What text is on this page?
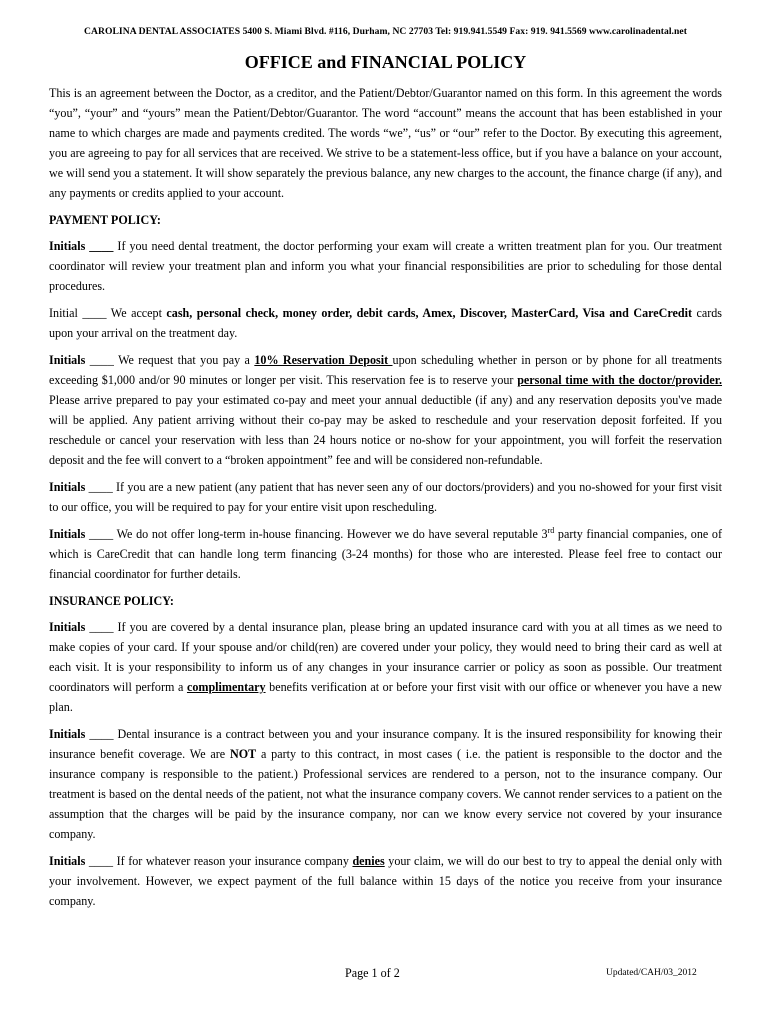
CAROLINA DENTAL ASSOCIATES 5400 S. Miami Blvd. #116, Durham, NC 27703 Tel: 919.941.5549 Fax: 919. 941.5569 www.carolinadental.net
OFFICE and FINANCIAL POLICY

This is an agreement between the Doctor, as a creditor, and the Patient/Debtor/Guarantor named on this form. In this agreement the words “you”, “your” and “yours” mean the Patient/Debtor/Guarantor. The word “account” means the account that has been established in your name to which charges are made and payments credited. The words “we”, “us” or “our” refer to the Doctor. By executing this agreement, you are agreeing to pay for all services that are received. We strive to be a statement-less office, but if you have a balance on your account, we will send you a statement. It will show separately the previous balance, any new charges to the account, the finance charge (if any), and any payments or credits applied to your account.

PAYMENT POLICY:

Initials ____ If you need dental treatment, the doctor performing your exam will create a written treatment plan for you. Our treatment coordinator will review your treatment plan and inform you what your financial responsibilities are prior to scheduling for those dental procedures.

Initial ____ We accept cash, personal check, money order, debit cards, Amex, Discover, MasterCard, Visa and CareCredit cards upon your arrival on the treatment day.

Initials ____ We request that you pay a 10% Reservation Deposit upon scheduling whether in person or by phone for all treatments exceeding $1,000 and/or 90 minutes or longer per visit. This reservation fee is to reserve your personal time with the doctor/provider. Please arrive prepared to pay your estimated co-pay and meet your annual deductible (if any) and any reservation deposits you've made will be applied. Any patient arriving without their co-pay may be asked to reschedule and your reservation deposit forfeited. If you reschedule or cancel your reservation with less than 24 hours notice or no-show for your appointment, you will forfeit the reservation deposit and the fee will convert to a “broken appointment” fee and will be considered non-refundable.

Initials ____ If you are a new patient (any patient that has never seen any of our doctors/providers) and you no-showed for your first visit to our office, you will be required to pay for your entire visit upon rescheduling.

Initials ____ We do not offer long-term in-house financing. However we do have several reputable 3rd party financial companies, one of which is CareCredit that can handle long term financing (3-24 months) for those who are interested. Please feel free to contact our financial coordinator for further details.

INSURANCE POLICY:

Initials ____ If you are covered by a dental insurance plan, please bring an updated insurance card with you at all times as we need to make copies of your card. If your spouse and/or child(ren) are covered under your policy, they would need to bring their card as well at each visit. It is your responsibility to inform us of any changes in your insurance carrier or policy as soon as possible. Our treatment coordinators will perform a complimentary benefits verification at or before your first visit with our office or whenever you have a new plan.

Initials ____ Dental insurance is a contract between you and your insurance company. It is the insured responsibility for knowing their insurance benefit coverage. We are NOT a party to this contract, in most cases ( i.e. the patient is responsible to the doctor and the insurance company is responsible to the patient.) Professional services are rendered to a person, not to the insurance company. Our treatment is based on the dental needs of the patient, not what the insurance company covers. We cannot render services to a patient on the assumption that the charges will be paid by the insurance company, nor can we know every service not covered by your insurance company.

Initials ____ If for whatever reason your insurance company denies your claim, we will do our best to try to appeal the denial only with your involvement. However, we expect payment of the full balance within 15 days of the notice you receive from your insurance company.

Page 1 of 2	Updated/CAH/03_2012
